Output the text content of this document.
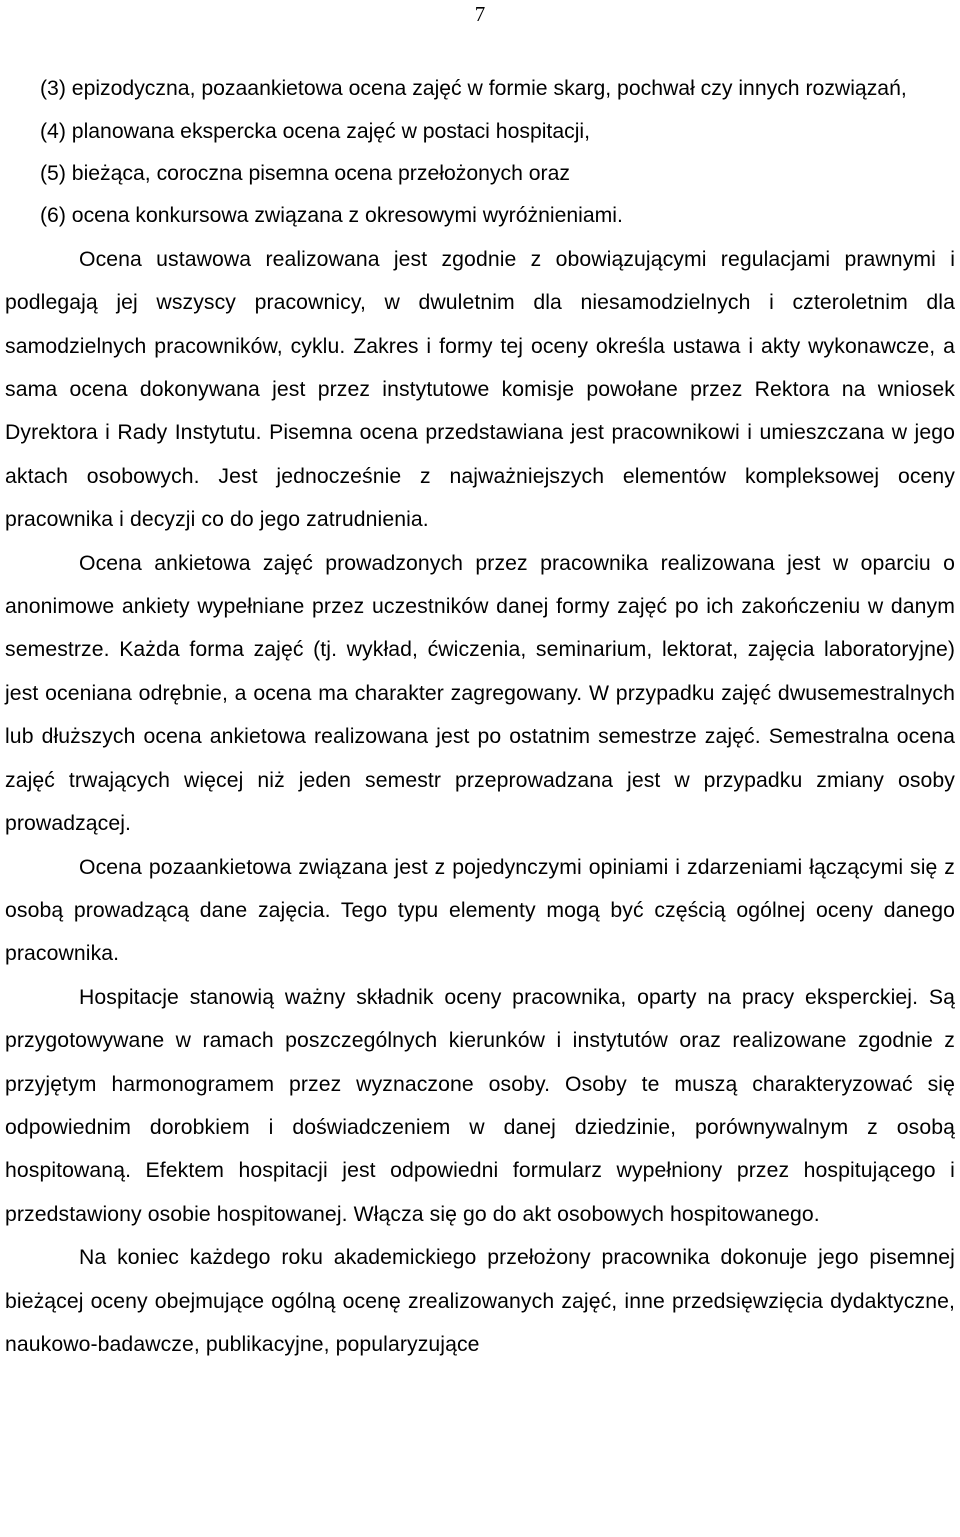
7
(3) epizodyczna, pozaankietowa ocena zajęć w formie skarg, pochwał czy innych rozwiązań,
(4) planowana ekspercka ocena zajęć w postaci hospitacji,
(5) bieżąca, coroczna pisemna ocena przełożonych oraz
(6) ocena konkursowa związana z okresowymi wyróżnieniami.

Ocena ustawowa realizowana jest zgodnie z obowiązującymi regulacjami prawnymi i podlegają jej wszyscy pracownicy, w dwuletnim dla niesamodzielnych i czteroletnim dla samodzielnych pracowników, cyklu. Zakres i formy tej oceny określa ustawa i akty wykonawcze, a sama ocena dokonywana jest przez instytutowe komisje powołane przez Rektora na wniosek Dyrektora i Rady Instytutu. Pisemna ocena przedstawiana jest pracownikowi i umieszczana w jego aktach osobowych. Jest jednocześnie z najważniejszych elementów kompleksowej oceny pracownika i decyzji co do jego zatrudnienia.

Ocena ankietowa zajęć prowadzonych przez pracownika realizowana jest w oparciu o anonimowe ankiety wypełniane przez uczestników danej formy zajęć po ich zakończeniu w danym semestrze. Każda forma zajęć (tj. wykład, ćwiczenia, seminarium, lektorat, zajęcia laboratoryjne) jest oceniana odrębnie, a ocena ma charakter zagregowany. W przypadku zajęć dwusemestralnych lub dłuższych ocena ankietowa realizowana jest po ostatnim semestrze zajęć. Semestralna ocena zajęć trwających więcej niż jeden semestr przeprowadzana jest w przypadku zmiany osoby prowadzącej.

Ocena pozaankietowa związana jest z pojedynczymi opiniami i zdarzeniami łączącymi się z osobą prowadzącą dane zajęcia. Tego typu elementy mogą być częścią ogólnej oceny danego pracownika.

Hospitacje stanowią ważny składnik oceny pracownika, oparty na pracy eksperckiej. Są przygotowywane w ramach poszczególnych kierunków i instytutów oraz realizowane zgodnie z przyjętym harmonogramem przez wyznaczone osoby. Osoby te muszą charakteryzować się odpowiednim dorobkiem i doświadczeniem w danej dziedzinie, porównywalnym z osobą hospitowaną. Efektem hospitacji jest odpowiedni formularz wypełniony przez hospitującego i przedstawiony osobie hospitowanej. Włącza się go do akt osobowych hospitowanego.

Na koniec każdego roku akademickiego przełożony pracownika dokonuje jego pisemnej bieżącej oceny obejmujące ogólną ocenę zrealizowanych zajęć, inne przedsięwzięcia dydaktyczne, naukowo-badawcze, publikacyjne, popularyzujące
